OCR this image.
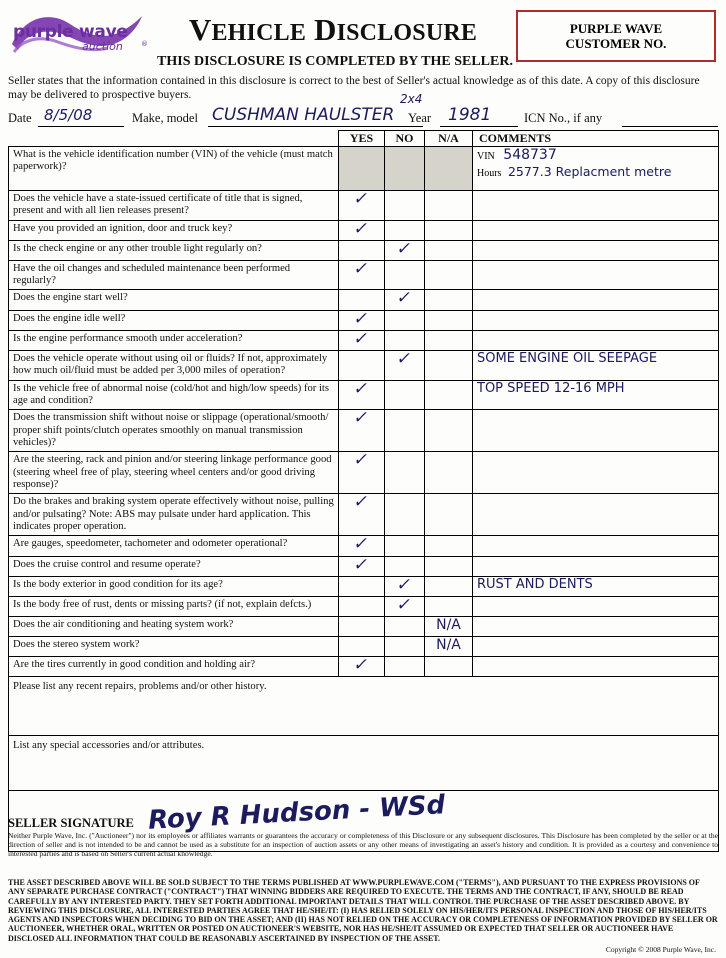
purple wave
auction	®	VEHICLE DISCLOSURE
THIS DISCLOSURE IS COMPLETED BY THE SELLER.
PURPLE WAVE
CUSTOMER NO.
Seller states that the information contained in this disclosure is correct to the best of Seller's actual knowledge as of this date. A copy of this disclosure may be delivered to prospective buyers.
Date 8/5/08	Make, model CUSHMAN HAULSTER
2x4
Year 1981	ICN No., if any
	YES	NO	N/A	COMMENTS
What is the vehicle identification number (VIN) of the vehicle (must match paperwork)?				VIN 548737
Hours 2577.3 Replacment metre

Does the vehicle have a state-issued certificate of title that is signed, present and with all lien releases present?	✓			
Have you provided an ignition, door and truck key?	✓			
Is the check engine or any other trouble light regularly on?		✓		
Have the oil changes and scheduled maintenance been performed regularly?	✓			
Does the engine start well?		✓		
Does the engine idle well?	✓			
Is the engine performance smooth under acceleration?	✓			
Does the vehicle operate without using oil or fluids? If not, approximately how much oil/fluid must be added per 3,000 miles of operation?		✓		SOME ENGINE OIL SEEPAGE
Is the vehicle free of abnormal noise (cold/hot and high/low speeds) for its age and condition?	✓			TOP SPEED 12-16 MPH
Does the transmission shift without noise or slippage (operational/smooth/ proper shift points/clutch operates smoothly on manual transmission vehicles)?	✓			
Are the steering, rack and pinion and/or steering linkage performance good (steering wheel free of play, steering wheel centers and/or good driving response)?	✓			
Do the brakes and braking system operate effectively without noise, pulling and/or pulsating? Note: ABS may pulsate under hard application. This indicates proper operation.	✓			
Are gauges, speedometer, tachometer and odometer operational?	✓			
Does the cruise control and resume operate?	✓			
Is the body exterior in good condition for its age?		✓		RUST AND DENTS
Is the body free of rust, dents or missing parts? (if not, explain defcts.)		✓		
Does the air conditioning and heating system work?			N/A	
Does the stereo system work?			N/A	
Are the tires currently in good condition and holding air?	✓			
Please list any recent repairs, problems and/or other history.				
List any special accessories and/or attributes.				

SELLER SIGNATURE Roy R Hudson - WSd
Neither Purple Wave, Inc. ("Auctioneer") nor its employees or affiliates warrants or guarantees the accuracy or completeness of this Disclosure or any subsequent disclosures. This Disclosure has been completed by the seller or at the direction of seller and is not intended to be and cannot be used as a substitute for an inspection of auction assets or any other means of investigating an asset's history and condition. It is provided as a courtesy and convenience to interested parties and is based on Seller's current actual knowledge.
THE ASSET DESCRIBED ABOVE WILL BE SOLD SUBJECT TO THE TERMS PUBLISHED AT WWW.PURPLEWAVE.COM ("TERMS"), AND PURSUANT TO THE EXPRESS PROVISIONS OF ANY SEPARATE PURCHASE CONTRACT ("CONTRACT") THAT WINNING BIDDERS ARE REQUIRED TO EXECUTE. THE TERMS AND THE CONTRACT, IF ANY, SHOULD BE READ CAREFULLY BY ANY INTERESTED PARTY. THEY SET FORTH ADDITIONAL IMPORTANT DETAILS THAT WILL CONTROL THE PURCHASE OF THE ASSET DESCRIBED ABOVE. BY REVIEWING THIS DISCLOSURE, ALL INTERESTED PARTIES AGREE THAT HE/SHE/IT: (I) HAS RELIED SOLELY ON HIS/HER/ITS PERSONAL INSPECTION AND THOSE OF HIS/HER/ITS AGENTS AND INSPECTORS WHEN DECIDING TO BID ON THE ASSET; AND (II) HAS NOT RELIED ON THE ACCURACY OR COMPLETENESS OF INFORMATION PROVIDED BY SELLER OR AUCTIONEER, WHETHER ORAL, WRITTEN OR POSTED ON AUCTIONEER'S WEBSITE, NOR HAS HE/SHE/IT ASSUMED OR EXPECTED THAT SELLER OR AUCTIONEER HAVE DISCLOSED ALL INFORMATION THAT COULD BE REASONABLY ASCERTAINED BY INSPECTION OF THE ASSET.
Copyright © 2008 Purple Wave, Inc.
